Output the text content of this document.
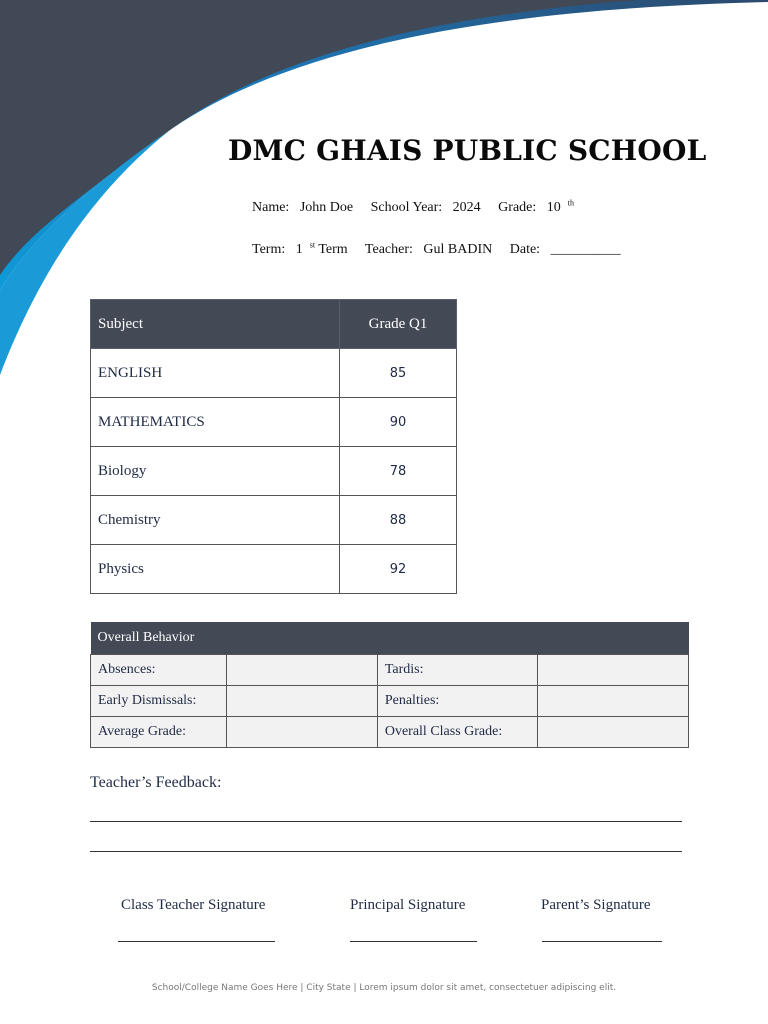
DMC GHAIS PUBLIC SCHOOL
Name: John Doe School Year: 2024 Grade: 10 $^{th}$
Term: 1 $^{st}$ Term Teacher: Gul BADIN Date: __________
Subject	Grade Q1
ENGLISH	85
MATHEMATICS	90
Biology	78
Chemistry	88
Physics	92
Overall Behavior			
Absences:		Tardis:	
Early Dismissals:		Penalties:	
Average Grade:		Overall Class Grade:	
Teacher’s Feedback:
Class Teacher Signature	Principal Signature	Parent’s Signature
School/College Name Goes Here | City State | Lorem ipsum dolor sit amet, consectetuer adipiscing elit.
